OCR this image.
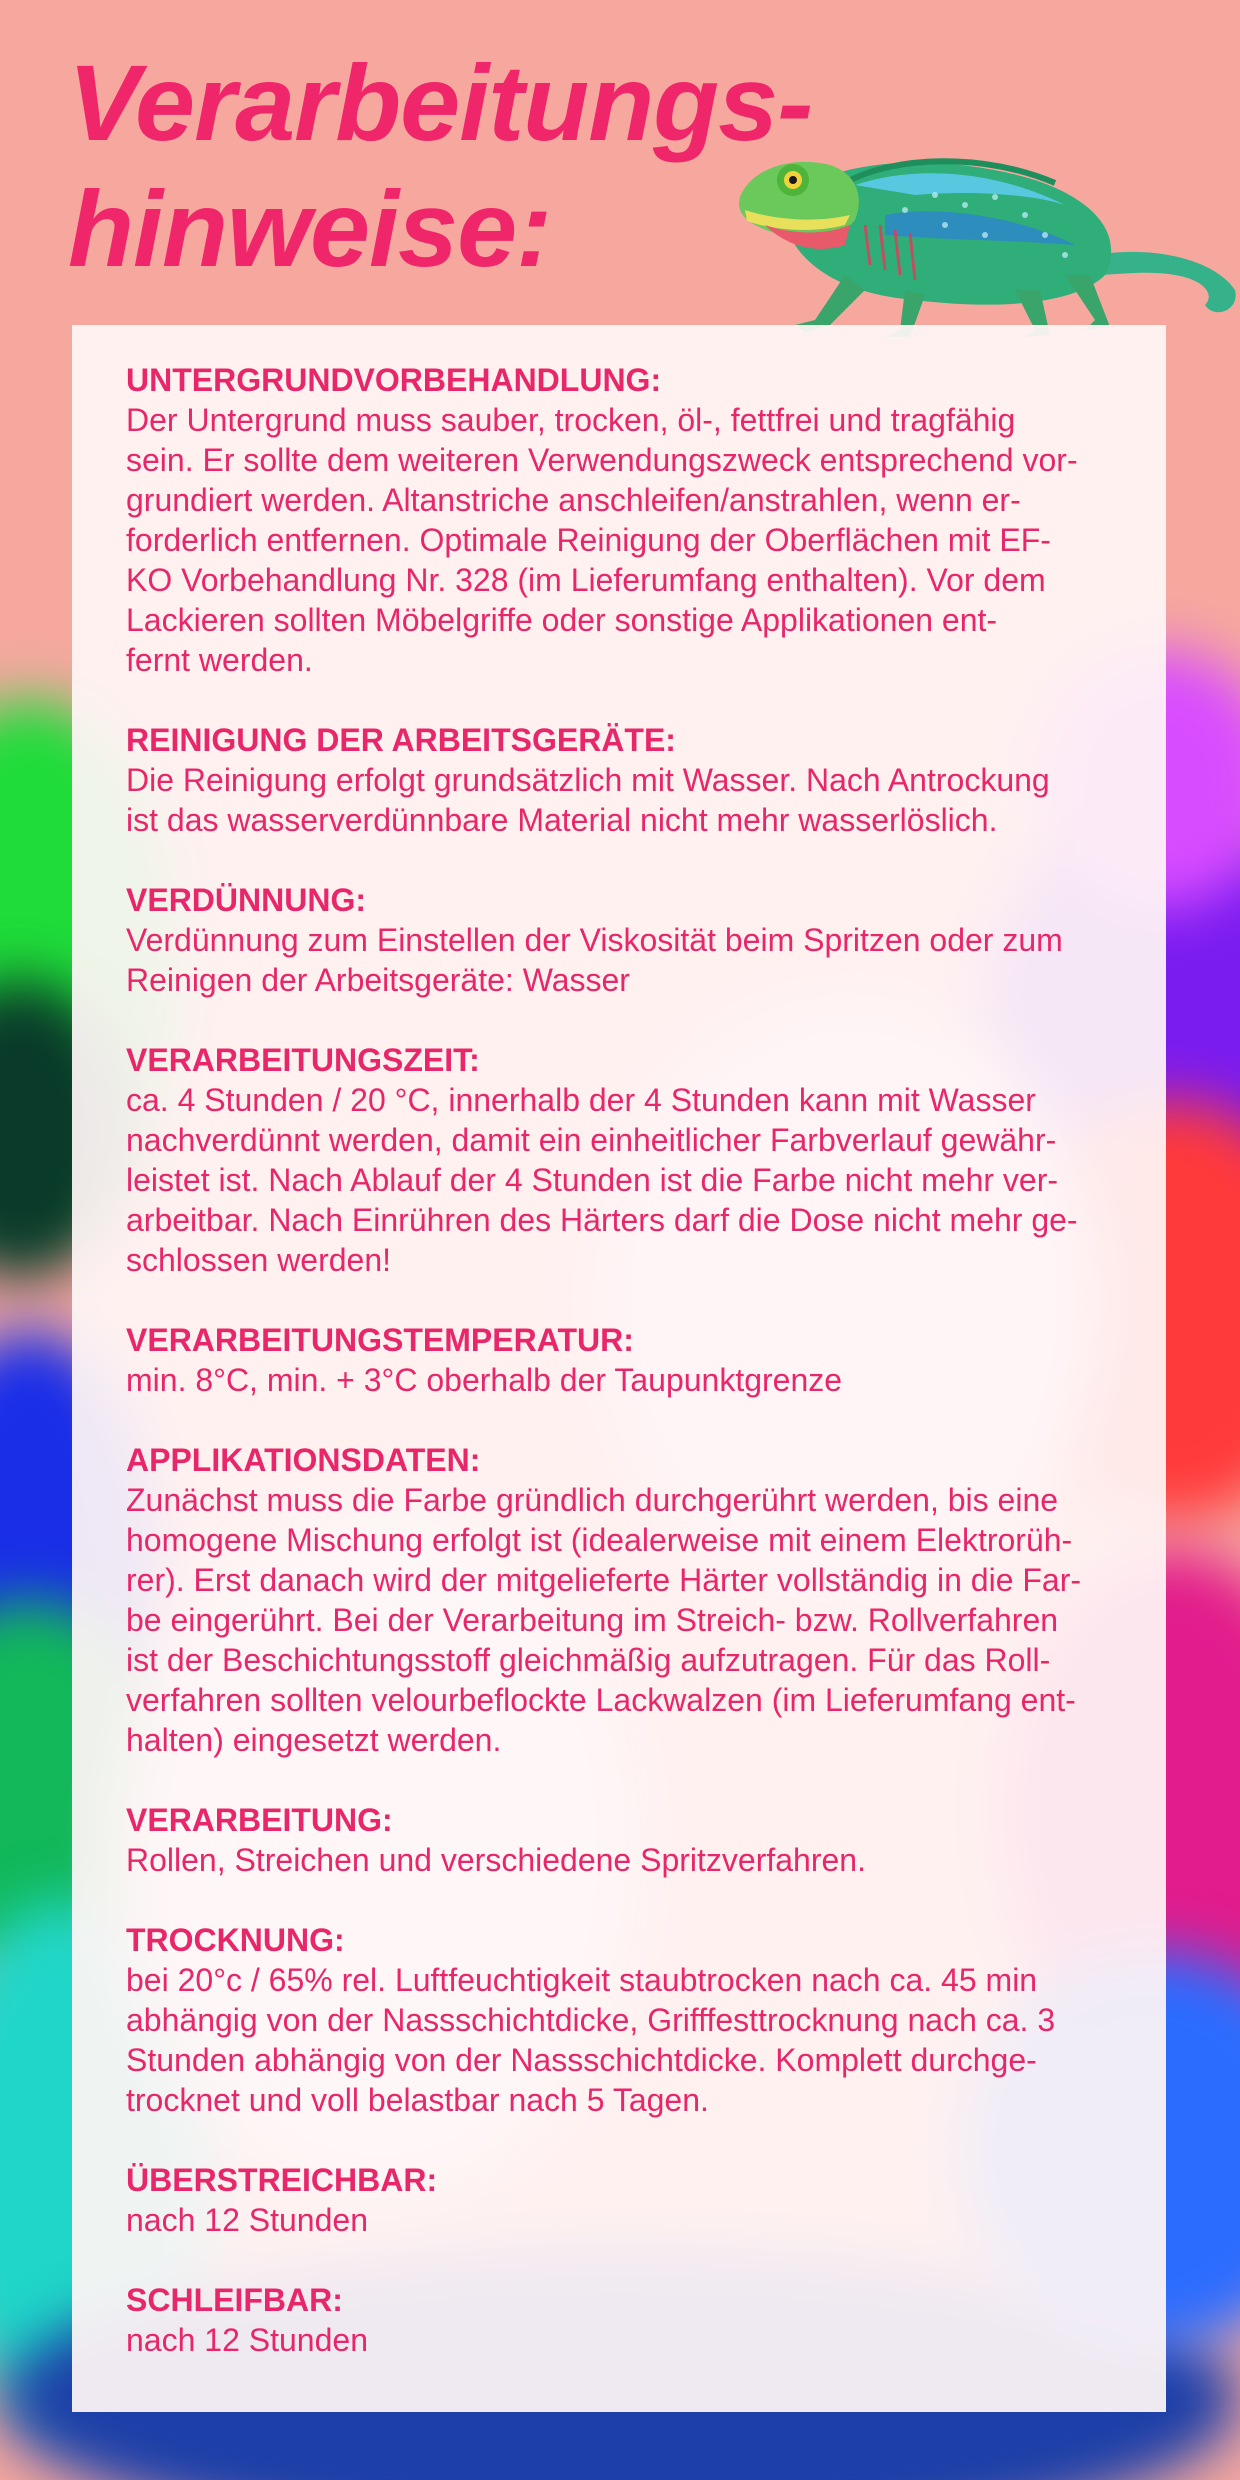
Verarbeitungs-
hinweise:
UNTERGRUNDVORBEHANDLUNG:

Der Untergrund muss sauber, trocken, öl-, fettfrei und tragfähig
sein. Er sollte dem weiteren Verwendungszweck entsprechend vor-
grundiert werden. Altanstriche anschleifen/anstrahlen, wenn er-
forderlich entfernen. Optimale Reinigung der Oberflächen mit EF-
KO Vorbehandlung Nr. 328 (im Lieferumfang enthalten). Vor dem
Lackieren sollten Möbelgriffe oder sonstige Applikationen ent-
fernt werden.

REINIGUNG DER ARBEITSGERÄTE:

Die Reinigung erfolgt grundsätzlich mit Wasser. Nach Antrockung
ist das wasserverdünnbare Material nicht mehr wasserlöslich.

VERDÜNNUNG:

Verdünnung zum Einstellen der Viskosität beim Spritzen oder zum
Reinigen der Arbeitsgeräte: Wasser

VERARBEITUNGSZEIT:

ca. 4 Stunden / 20 °C, innerhalb der 4 Stunden kann mit Wasser
nachverdünnt werden, damit ein einheitlicher Farbverlauf gewähr-
leistet ist. Nach Ablauf der 4 Stunden ist die Farbe nicht mehr ver-
arbeitbar. Nach Einrühren des Härters darf die Dose nicht mehr ge-
schlossen werden!

VERARBEITUNGSTEMPERATUR:

min. 8°C, min. + 3°C oberhalb der Taupunktgrenze

APPLIKATIONSDATEN:

Zunächst muss die Farbe gründlich durchgerührt werden, bis eine
homogene Mischung erfolgt ist (idealerweise mit einem Elektrorüh-
rer). Erst danach wird der mitgelieferte Härter vollständig in die Far-
be eingerührt. Bei der Verarbeitung im Streich- bzw. Rollverfahren
ist der Beschichtungsstoff gleichmäßig aufzutragen. Für das Roll-
verfahren sollten velourbeflockte Lackwalzen (im Lieferumfang ent-
halten) eingesetzt werden.

VERARBEITUNG:

Rollen, Streichen und verschiedene Spritzverfahren.

TROCKNUNG:

bei 20°c / 65% rel. Luftfeuchtigkeit staubtrocken nach ca. 45 min
abhängig von der Nassschichtdicke, Grifffesttrocknung nach ca. 3
Stunden abhängig von der Nassschichtdicke. Komplett durchge-
trocknet und voll belastbar nach 5 Tagen.

ÜBERSTREICHBAR:

nach 12 Stunden

SCHLEIFBAR:

nach 12 Stunden
